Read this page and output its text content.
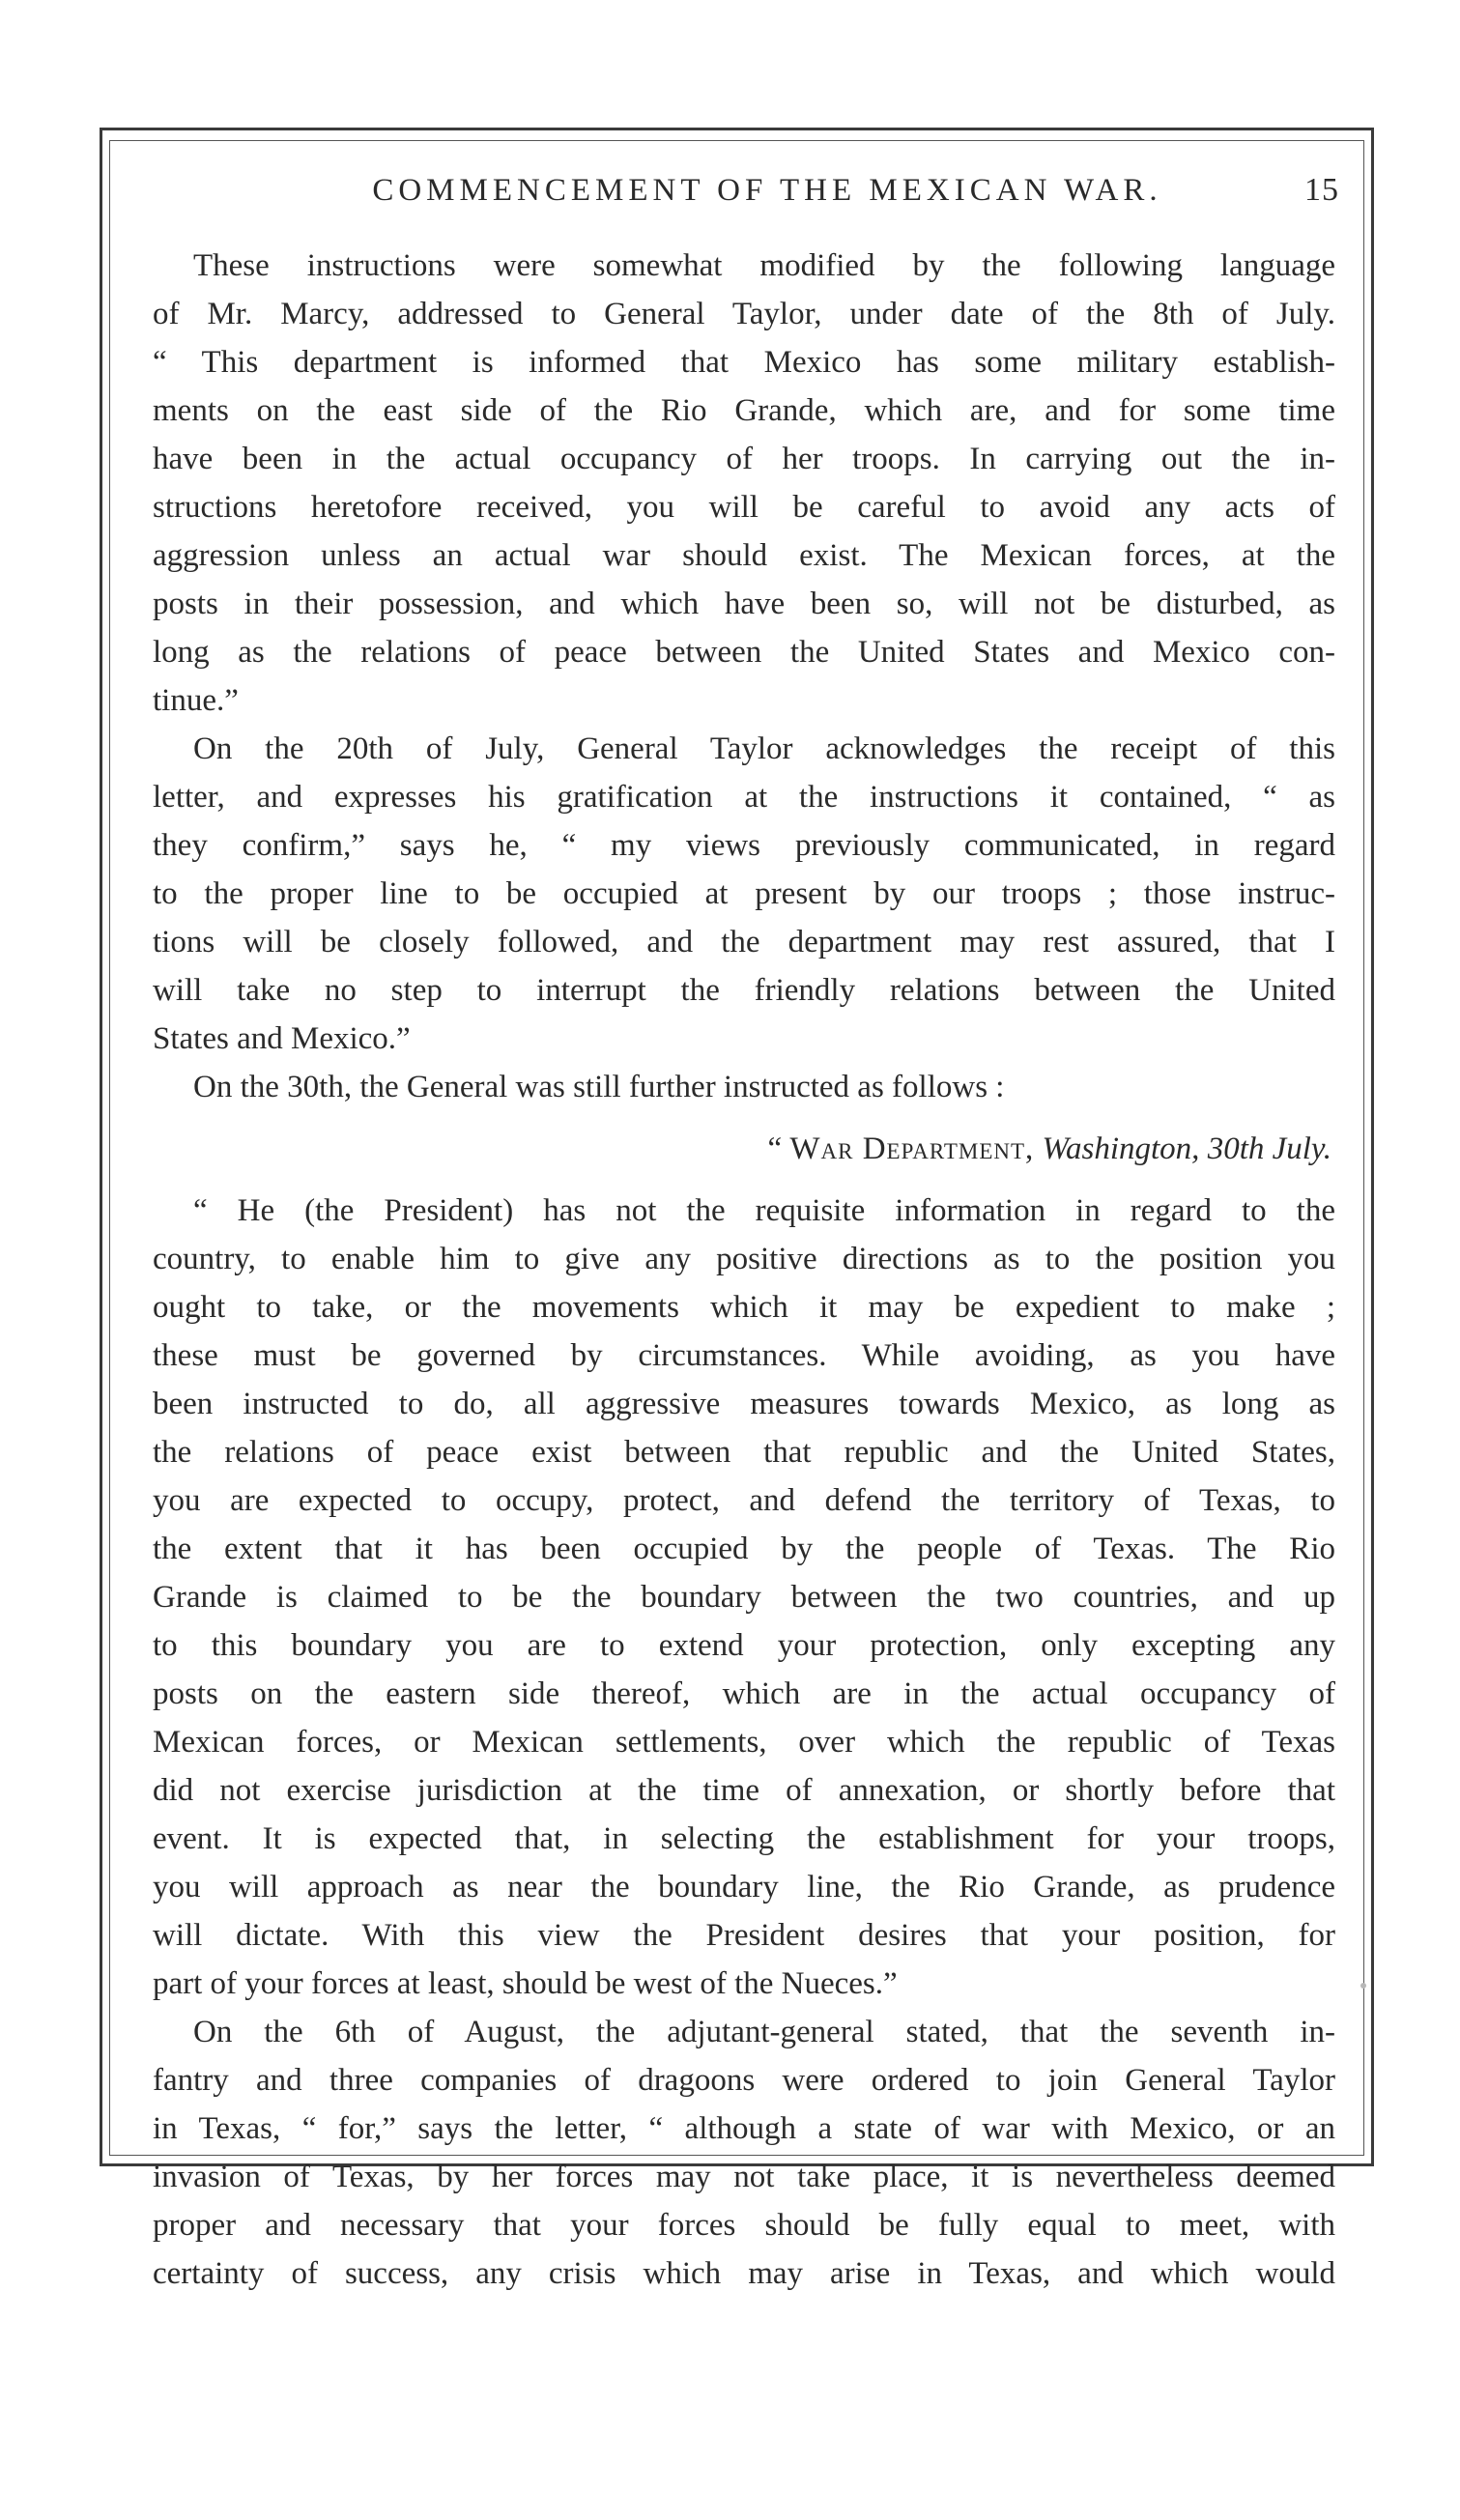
COMMENCEMENT OF THE MEXICAN WAR.	15

These instructions were somewhat modified by the following language
of Mr. Marcy, addressed to General Taylor, under date of the 8th of July.
“ This department is informed that Mexico has some military establish-
ments on the east side of the Rio Grande, which are, and for some time
have been in the actual occupancy of her troops. In carrying out the in-
structions heretofore received, you will be careful to avoid any acts of
aggression unless an actual war should exist. The Mexican forces, at the
posts in their possession, and which have been so, will not be disturbed, as
long as the relations of peace between the United States and Mexico con-
tinue.”

On the 20th of July, General Taylor acknowledges the receipt of this
letter, and expresses his gratification at the instructions it contained, “ as
they confirm,” says he, “ my views previously communicated, in regard
to the proper line to be occupied at present by our troops ; those instruc-
tions will be closely followed, and the department may rest assured, that I
will take no step to interrupt the friendly relations between the United
States and Mexico.”

On the 30th, the General was still further instructed as follows :

“ War Department, Washington, 30th July.

“ He (the President) has not the requisite information in regard to the
country, to enable him to give any positive directions as to the position you
ought to take, or the movements which it may be expedient to make ;
these must be governed by circumstances. While avoiding, as you have
been instructed to do, all aggressive measures towards Mexico, as long as
the relations of peace exist between that republic and the United States,
you are expected to occupy, protect, and defend the territory of Texas, to
the extent that it has been occupied by the people of Texas. The Rio
Grande is claimed to be the boundary between the two countries, and up
to this boundary you are to extend your protection, only excepting any
posts on the eastern side thereof, which are in the actual occupancy of
Mexican forces, or Mexican settlements, over which the republic of Texas
did not exercise jurisdiction at the time of annexation, or shortly before that
event. It is expected that, in selecting the establishment for your troops,
you will approach as near the boundary line, the Rio Grande, as prudence
will dictate. With this view the President desires that your position, for
part of your forces at least, should be west of the Nueces.”

On the 6th of August, the adjutant-general stated, that the seventh in-
fantry and three companies of dragoons were ordered to join General Taylor
in Texas, “ for,” says the letter, “ although a state of war with Mexico, or an
invasion of Texas, by her forces may not take place, it is nevertheless deemed
proper and necessary that your forces should be fully equal to meet, with
certainty of success, any crisis which may arise in Texas, and which would
